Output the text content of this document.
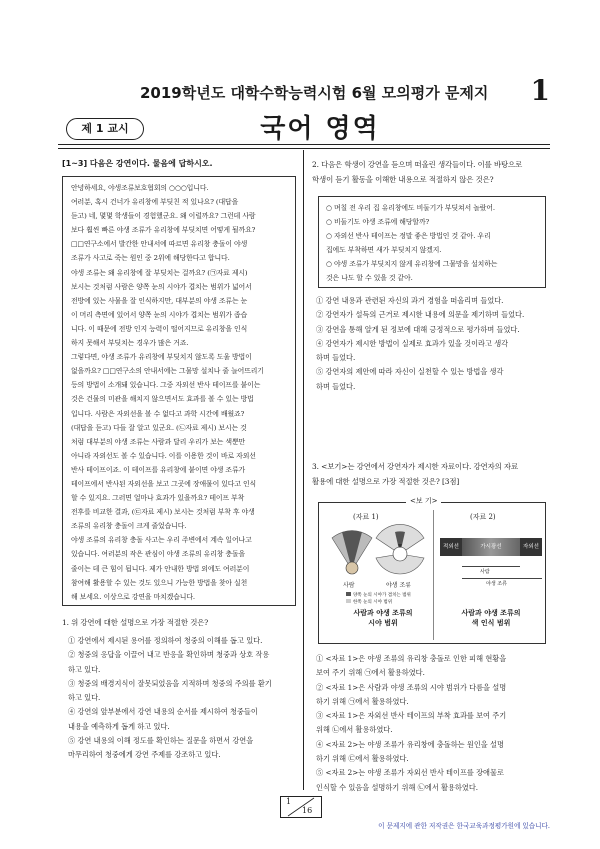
2019학년도 대학수학능력시험 6월 모의평가 문제지 1
제 1 교시	국어 영역
[1~3] 다음은 강연이다. 물음에 답하시오.
안녕하세요, 야생조류보호협회의 ○○○입니다.
여러분, 혹시 건너가 유리창에 부딪친 적 있나요? (대답을
듣고) 네, 몇몇 학생들이 경험했군요. 왜 이럴까요? 그런데 사람
보다 훨씬 빠른 야생 조류가 유리창에 부딪치면 어떻게 될까요?
□□연구소에서 발간한 안내서에 따르면 유리창 충돌이 야생
조류가 사고로 죽는 원인 중 2위에 해당한다고 합니다.
야생 조류는 왜 유리창에 잘 부딪치는 걸까요? (㉠자료 제시)
보시는 것처럼 사람은 양쪽 눈의 시야가 겹치는 범위가 넓어서
전방에 있는 사물을 잘 인식하지만, 대부분의 야생 조류는 눈
이 머리 측면에 있어서 양쪽 눈의 시야가 겹치는 범위가 좁습
니다. 이 때문에 전방 인지 능력이 떨어지므로 유리창을 인식
하지 못해서 부딪치는 경우가 많은 거죠.
그렇다면, 야생 조류가 유리창에 부딪치지 않도록 도울 방법이
없을까요? □□연구소의 안내서에는 그물망 설치나 줄 늘어뜨리기
등의 방법이 소개돼 있습니다. 그중 자외선 반사 테이프를 붙이는
것은 건물의 미관을 해치지 않으면서도 효과를 볼 수 있는 방법
입니다. 사람은 자외선을 볼 수 없다고 과학 시간에 배웠죠?
(대답을 듣고) 다들 잘 알고 있군요. (㉡자료 제시) 보시는 것
처럼 대부분의 야생 조류는 사람과 달리 우리가 보는 색뿐만
아니라 자외선도 볼 수 있습니다. 이를 이용한 것이 바로 자외선
반사 테이프이죠. 이 테이프를 유리창에 붙이면 야생 조류가
테이프에서 반사된 자외선을 보고 그곳에 장애물이 있다고 인식
할 수 있지요. 그러면 얼마나 효과가 있을까요? 테이프 부착
전후를 비교한 결과, (㉢자료 제시) 보시는 것처럼 부착 후 야생
조류의 유리창 충돌이 크게 줄었습니다.
야생 조류의 유리창 충돌 사고는 우리 주변에서 계속 일어나고
있습니다. 여러분의 작은 관심이 야생 조류의 유리창 충돌을
줄이는 데 큰 힘이 됩니다. 제가 안내한 방법 외에도 여러분이
참여해 활용할 수 있는 것도 있으니 가능한 방법을 찾아 실천
해 보세요. 이상으로 강연을 마치겠습니다.
1. 위 강연에 대한 설명으로 가장 적절한 것은?
① 강연에서 제시된 용어를 정의하여 청중의 이해를 돕고 있다.
② 청중의 응답을 이끌어 내고 반응을 확인하며 청중과 상호 작용
하고 있다.
③ 청중의 배경지식이 잘못되었음을 지적하며 청중의 주의를 환기
하고 있다.
④ 강연의 앞부분에서 강연 내용의 순서를 제시하여 청중들이
내용을 예측하게 돕게 하고 있다.
⑤ 강연 내용의 이해 정도를 확인하는 질문을 하면서 강연을
마무리하여 청중에게 강연 주제를 강조하고 있다.
2. 다음은 학생이 강연을 듣으며 떠올린 생각들이다. 이를 바탕으로
학생이 듣기 활동을 이해한 내용으로 적절하지 않은 것은?
○ 며칠 전 우리 집 유리창에도 비둘기가 부딪쳐서 놀랐어.
○ 비둘기도 야생 조류에 해당할까?
○ 자외선 반사 테이프는 정말 좋은 방법인 것 같아. 우리
집에도 부착하면 새가 부딪치지 않겠지.
○ 야생 조류가 부딪치지 않게 유리창에 그물망을 설치하는
것은 나도 할 수 있을 것 같아.
① 강연 내용과 관련된 자신의 과거 경험을 떠올리며 들었다.
② 강연자가 설득의 근거로 제시한 내용에 의문을 제기하며 들었다.
③ 강연을 통해 알게 된 정보에 대해 긍정적으로 평가하며 들었다.
④ 강연자가 제시한 방법이 실제로 효과가 있을 것이라고 생각
하며 들었다.
⑤ 강연자의 제안에 따라 자신이 실천할 수 있는 방법을 생각
하며 들었다.
3. <보기>는 강연에서 강연자가 제시한 자료이다. 강연자의 자료
활용에 대한 설명으로 가장 적절한 것은? [3점]
<보 기>
(자료 1)
사람	야생 조류
양쪽 눈의 시야가 겹치는 범위
한쪽 눈의 시야 범위
사람과 야생 조류의
시야 범위
(자료 2)
적외선	가시광선	자외선
사람
야생 조류
사람과 야생 조류의
색 인식 범위
① <자료 1>은 야생 조류의 유리창 충돌로 인한 피해 현황을
보여 주기 위해 ㉠에서 활용하였다.
② <자료 1>은 사람과 야생 조류의 시야 범위가 다름을 설명
하기 위해 ㉠에서 활용하였다.
③ <자료 1>은 자외선 반사 테이프의 부착 효과를 보여 주기
위해 ㉡에서 활용하였다.
④ <자료 2>는 야생 조류가 유리창에 충돌하는 원인을 설명
하기 위해 ㉢에서 활용하였다.
⑤ <자료 2>는 야생 조류가 자외선 반사 테이프를 장애물로
인식할 수 있음을 설명하기 위해 ㉡에서 활용하였다.
1
16
이 문제지에 관한 저작권은 한국교육과정평가원에 있습니다.
